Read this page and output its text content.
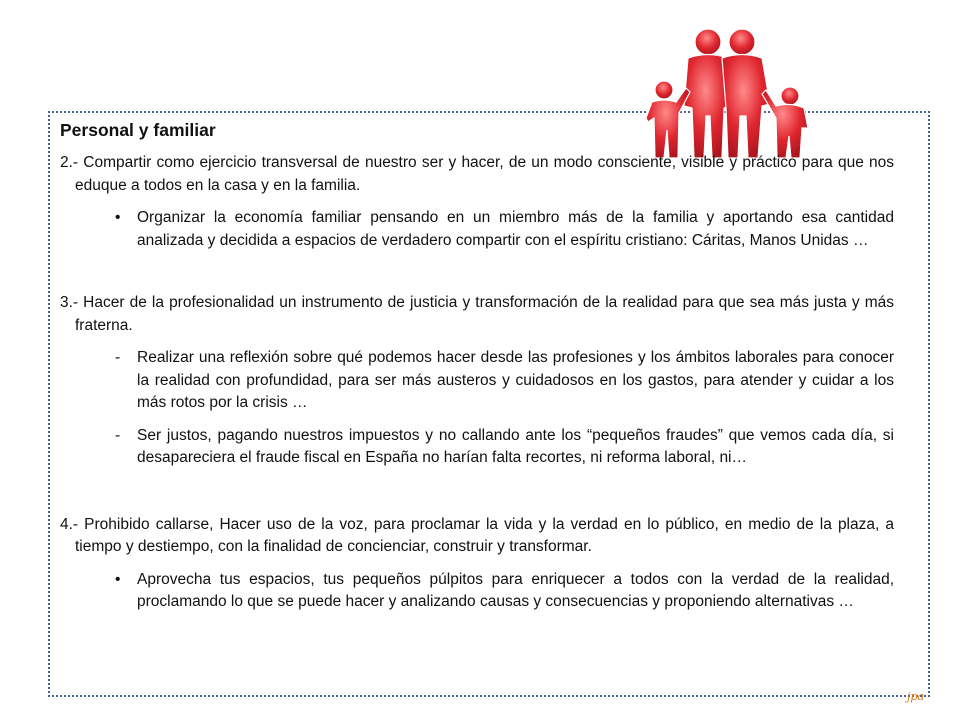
Personal y familiar

2.- Compartir como ejercicio transversal de nuestro ser y hacer, de un modo consciente, visible y práctico para que nos eduque a todos en la casa y en la familia.

• Organizar la economía familiar pensando en un miembro más de la familia y aportando esa cantidad analizada y decidida a espacios de verdadero compartir con el espíritu cristiano: Cáritas, Manos Unidas …

3.- Hacer de la profesionalidad un instrumento de justicia y transformación de la realidad para que sea más justa y más fraterna.

- Realizar una reflexión sobre qué podemos hacer desde las profesiones y los ámbitos laborales para conocer la realidad con profundidad, para ser más austeros y cuidadosos en los gastos, para atender y cuidar a los más rotos por la crisis …

- Ser justos, pagando nuestros impuestos y no callando ante los “pequeños fraudes” que vemos cada día, si desapareciera el fraude fiscal en España no harían falta recortes, ni reforma laboral, ni…

4.- Prohibido callarse, Hacer uso de la voz, para proclamar la vida y la verdad en lo público, en medio de la plaza, a tiempo y destiempo, con la finalidad de concienciar, construir y transformar.

• Aprovecha tus espacios, tus pequeños púlpitos para enriquecer a todos con la verdad de la realidad, proclamando lo que se puede hacer y analizando causas y consecuencias y proponiendo alternativas …

jpa
